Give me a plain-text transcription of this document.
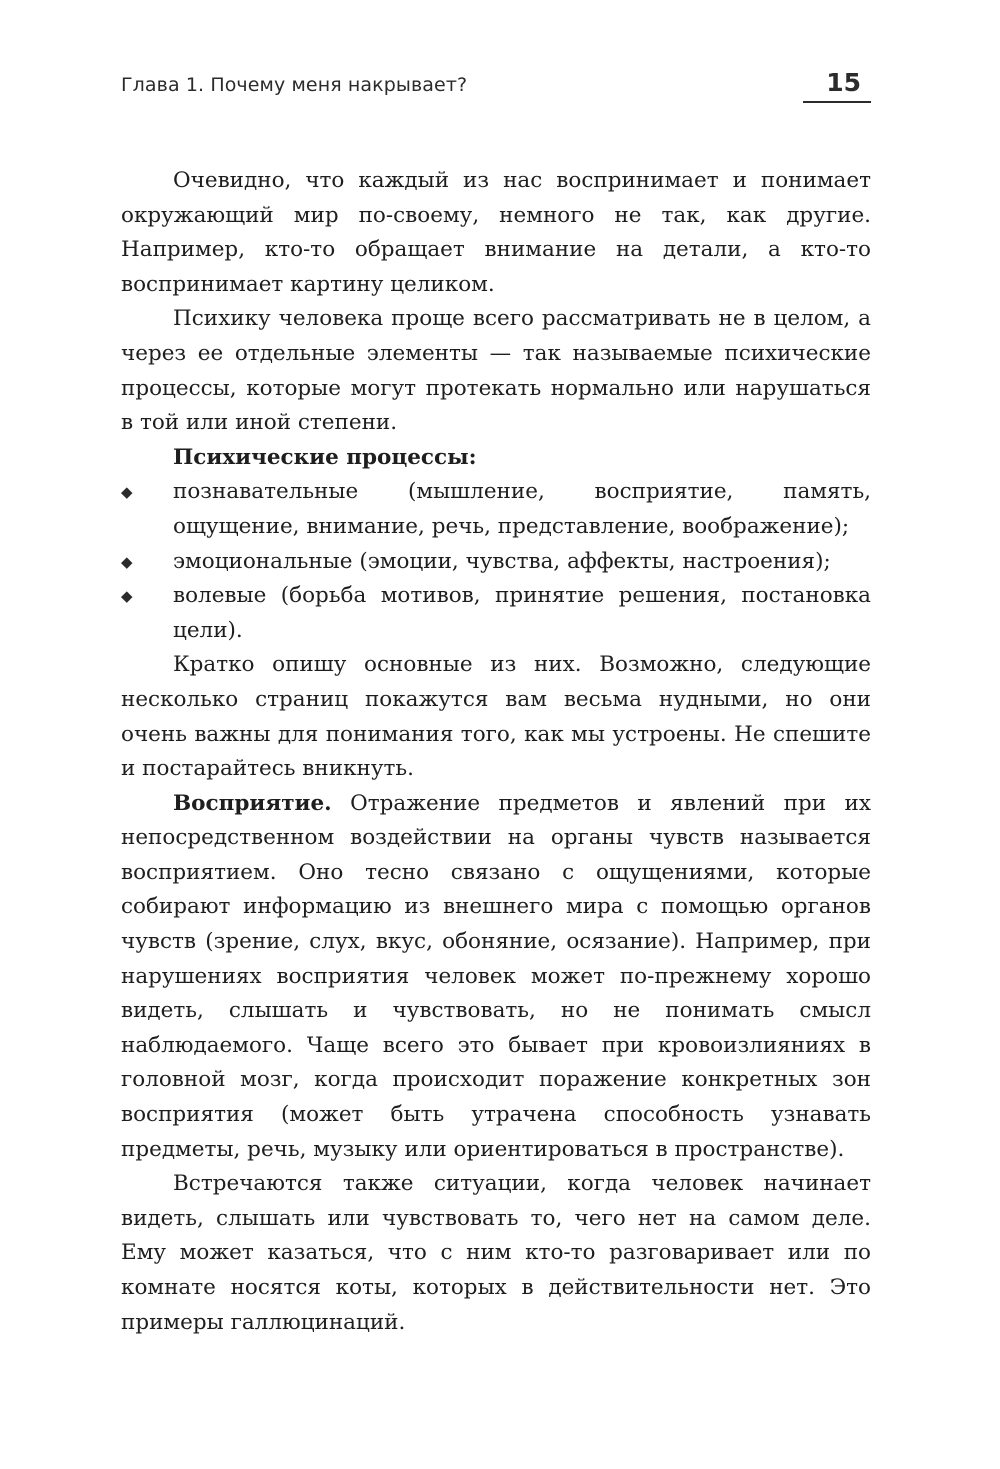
Глава 1. Почему меня накрывает?	15

Очевидно, что каждый из нас воспринимает и понимает окружающий мир по-своему, немного не так, как другие. Например, кто-то обращает внимание на детали, а кто-то воспринимает картину целиком.

Психику человека проще всего рассматривать не в целом, а через ее отдельные элементы — так называемые психические процессы, которые могут протекать нормально или нарушаться в той или иной степени.

Психические процессы:

◆ познавательные (мышление, восприятие, память, ощущение, внимание, речь, представление, воображение);
◆ эмоциональные (эмоции, чувства, аффекты, настроения);
◆ волевые (борьба мотивов, принятие решения, постановка цели).

Кратко опишу основные из них. Возможно, следующие несколько страниц покажутся вам весьма нудными, но они очень важны для понимания того, как мы устроены. Не спешите и постарайтесь вникнуть.

Восприятие. Отражение предметов и явлений при их непосредственном воздействии на органы чувств называется восприятием. Оно тесно связано с ощущениями, которые собирают информацию из внешнего мира с помощью органов чувств (зрение, слух, вкус, обоняние, осязание). Например, при нарушениях восприятия человек может по-прежнему хорошо видеть, слышать и чувствовать, но не понимать смысл наблюдаемого. Чаще всего это бывает при кровоизлияниях в головной мозг, когда происходит поражение конкретных зон восприятия (может быть утрачена способность узнавать предметы, речь, музыку или ориентироваться в пространстве).

Встречаются также ситуации, когда человек начинает видеть, слышать или чувствовать то, чего нет на самом деле. Ему может казаться, что с ним кто-то разговаривает или по комнате носятся коты, которых в действительности нет. Это примеры галлюцинаций.
